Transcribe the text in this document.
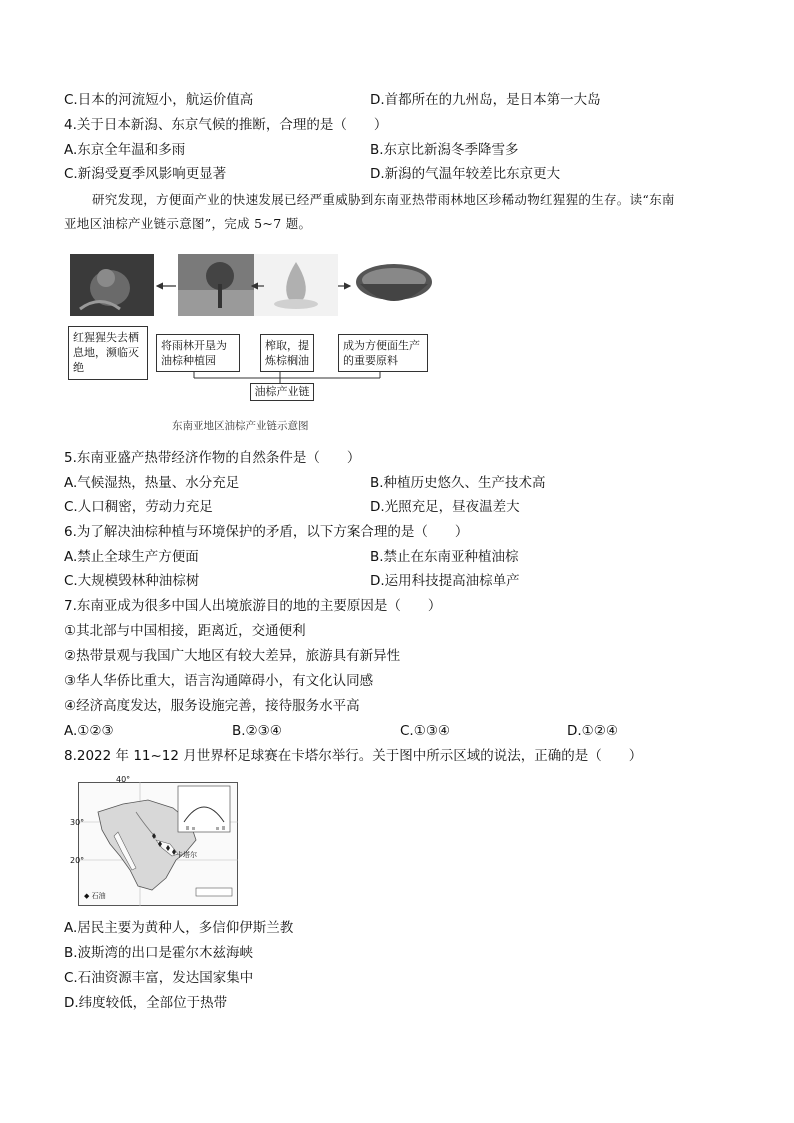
C.日本的河流短小，航运价值高	D.首都所在的九州岛，是日本第一大岛
4.关于日本新潟、东京气候的推断，合理的是（　　）
A.东京全年温和多雨	B.东京比新潟冬季降雪多
C.新潟受夏季风影响更显著	D.新潟的气温年较差比东京更大
研究发现，方便面产业的快速发展已经严重威胁到东南亚热带雨林地区珍稀动物红猩猩的生存。读“东南
亚地区油棕产业链示意图”，完成 5~7 题。
红猩猩失去栖息地，濒临灭绝
将雨林开垦为油棕种植园
榨取，提炼棕榈油
成为方便面生产的重要原料
油棕产业链
东南亚地区油棕产业链示意图
5.东南亚盛产热带经济作物的自然条件是（　　）
A.气候湿热，热量、水分充足	B.种植历史悠久、生产技术高
C.人口稠密，劳动力充足	D.光照充足，昼夜温差大
6.为了解决油棕种植与环境保护的矛盾，以下方案合理的是（　　）
A.禁止全球生产方便面	B.禁止在东南亚种植油棕
C.大规模毁林种油棕树	D.运用科技提高油棕单产
7.东南亚成为很多中国人出境旅游目的地的主要原因是（　　）
①其北部与中国相接，距离近，交通便利
②热带景观与我国广大地区有较大差异，旅游具有新异性
③华人华侨比重大，语言沟通障碍小，有文化认同感
④经济高度发达，服务设施完善，接待服务水平高
A.①②③	B.②③④	C.①③④	D.①②④
8.2022 年 11~12 月世界杯足球赛在卡塔尔举行。关于图中所示区域的说法，正确的是（　　）
40°
30°
20°
卡塔尔
◆ 石油
A.居民主要为黄种人，多信仰伊斯兰教
B.波斯湾的出口是霍尔木兹海峡
C.石油资源丰富，发达国家集中
D.纬度较低，全部位于热带
